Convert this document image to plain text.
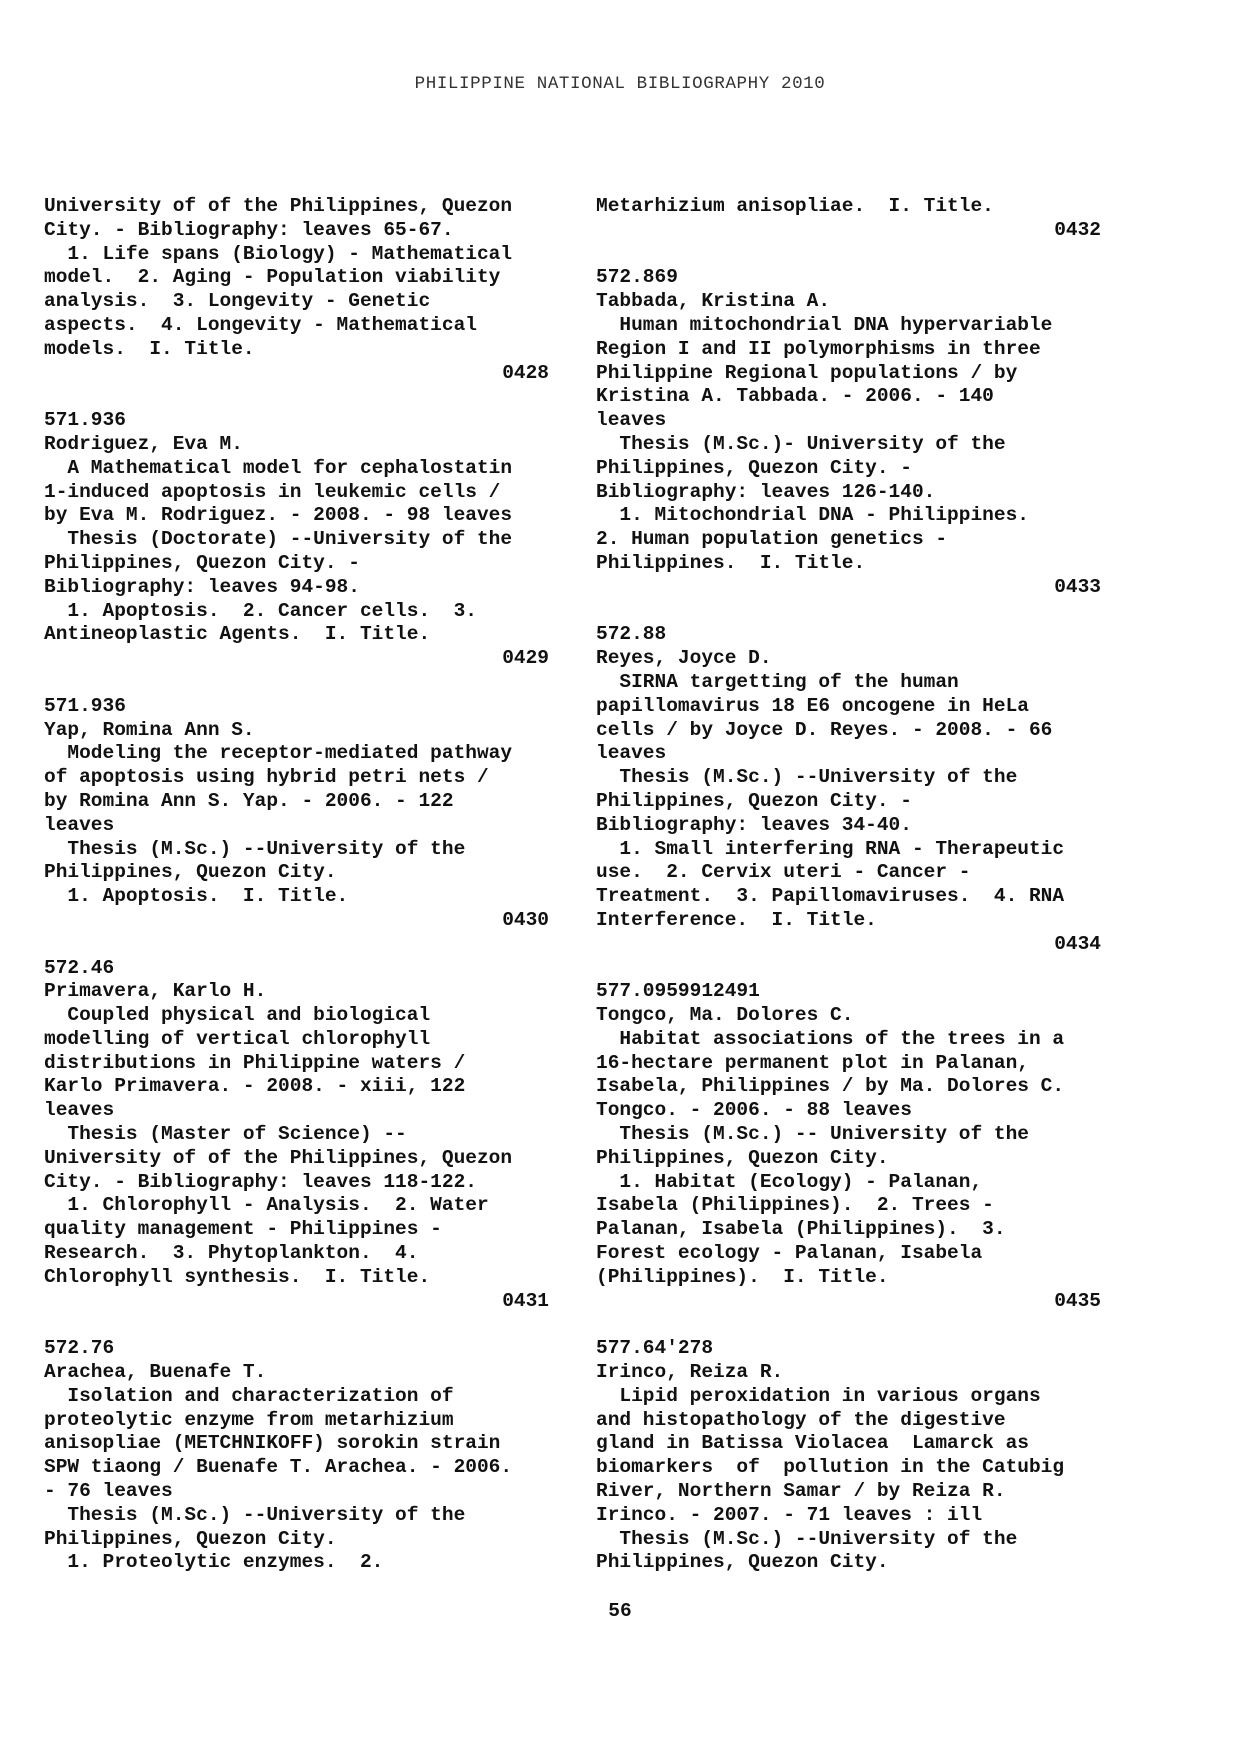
PHILIPPINE NATIONAL BIBLIOGRAPHY 2010
University of of the Philippines, Quezon
City. - Bibliography: leaves 65-67.
1. Life spans (Biology) - Mathematical
model.  2. Aging - Population viability
analysis.  3. Longevity - Genetic
aspects.  4. Longevity - Mathematical
models.  I. Title.
0428
571.936
Rodriguez, Eva M.
A Mathematical model for cephalostatin
1-induced apoptosis in leukemic cells /
by Eva M. Rodriguez. - 2008. - 98 leaves
Thesis (Doctorate) --University of the
Philippines, Quezon City. -
Bibliography: leaves 94-98.
1. Apoptosis.  2. Cancer cells.  3.
Antineoplastic Agents.  I. Title.
0429
571.936
Yap, Romina Ann S.
Modeling the receptor-mediated pathway
of apoptosis using hybrid petri nets /
by Romina Ann S. Yap. - 2006. - 122
leaves
Thesis (M.Sc.) --University of the
Philippines, Quezon City.
1. Apoptosis.  I. Title.
0430
572.46
Primavera, Karlo H.
Coupled physical and biological
modelling of vertical chlorophyll
distributions in Philippine waters /
Karlo Primavera. - 2008. - xiii, 122
leaves
Thesis (Master of Science) --
University of of the Philippines, Quezon
City. - Bibliography: leaves 118-122.
1. Chlorophyll - Analysis.  2. Water
quality management - Philippines -
Research.  3. Phytoplankton.  4.
Chlorophyll synthesis.  I. Title.
0431
572.76
Arachea, Buenafe T.
Isolation and characterization of
proteolytic enzyme from metarhizium
anisopliae (METCHNIKOFF) sorokin strain
SPW tiaong / Buenafe T. Arachea. - 2006.
- 76 leaves
Thesis (M.Sc.) --University of the
Philippines, Quezon City.
1. Proteolytic enzymes.  2.
Metarhizium anisopliae.  I. Title.
0432
572.869
Tabbada, Kristina A.
Human mitochondrial DNA hypervariable
Region I and II polymorphisms in three
Philippine Regional populations / by
Kristina A. Tabbada. - 2006. - 140
leaves
Thesis (M.Sc.)- University of the
Philippines, Quezon City. -
Bibliography: leaves 126-140.
1. Mitochondrial DNA - Philippines.
2. Human population genetics -
Philippines.  I. Title.
0433
572.88
Reyes, Joyce D.
SIRNA targetting of the human
papillomavirus 18 E6 oncogene in HeLa
cells / by Joyce D. Reyes. - 2008. - 66
leaves
Thesis (M.Sc.) --University of the
Philippines, Quezon City. -
Bibliography: leaves 34-40.
1. Small interfering RNA - Therapeutic
use.  2. Cervix uteri - Cancer -
Treatment.  3. Papillomaviruses.  4. RNA
Interference.  I. Title.
0434
577.0959912491
Tongco, Ma. Dolores C.
Habitat associations of the trees in a
16-hectare permanent plot in Palanan,
Isabela, Philippines / by Ma. Dolores C.
Tongco. - 2006. - 88 leaves
Thesis (M.Sc.) -- University of the
Philippines, Quezon City.
1. Habitat (Ecology) - Palanan,
Isabela (Philippines).  2. Trees -
Palanan, Isabela (Philippines).  3.
Forest ecology - Palanan, Isabela
(Philippines).  I. Title.
0435
577.64'278
Irinco, Reiza R.
Lipid peroxidation in various organs
and histopathology of the digestive
gland in Batissa Violacea  Lamarck as
biomarkers  of  pollution in the Catubig
River, Northern Samar / by Reiza R.
Irinco. - 2007. - 71 leaves : ill
Thesis (M.Sc.) --University of the
Philippines, Quezon City.
56
